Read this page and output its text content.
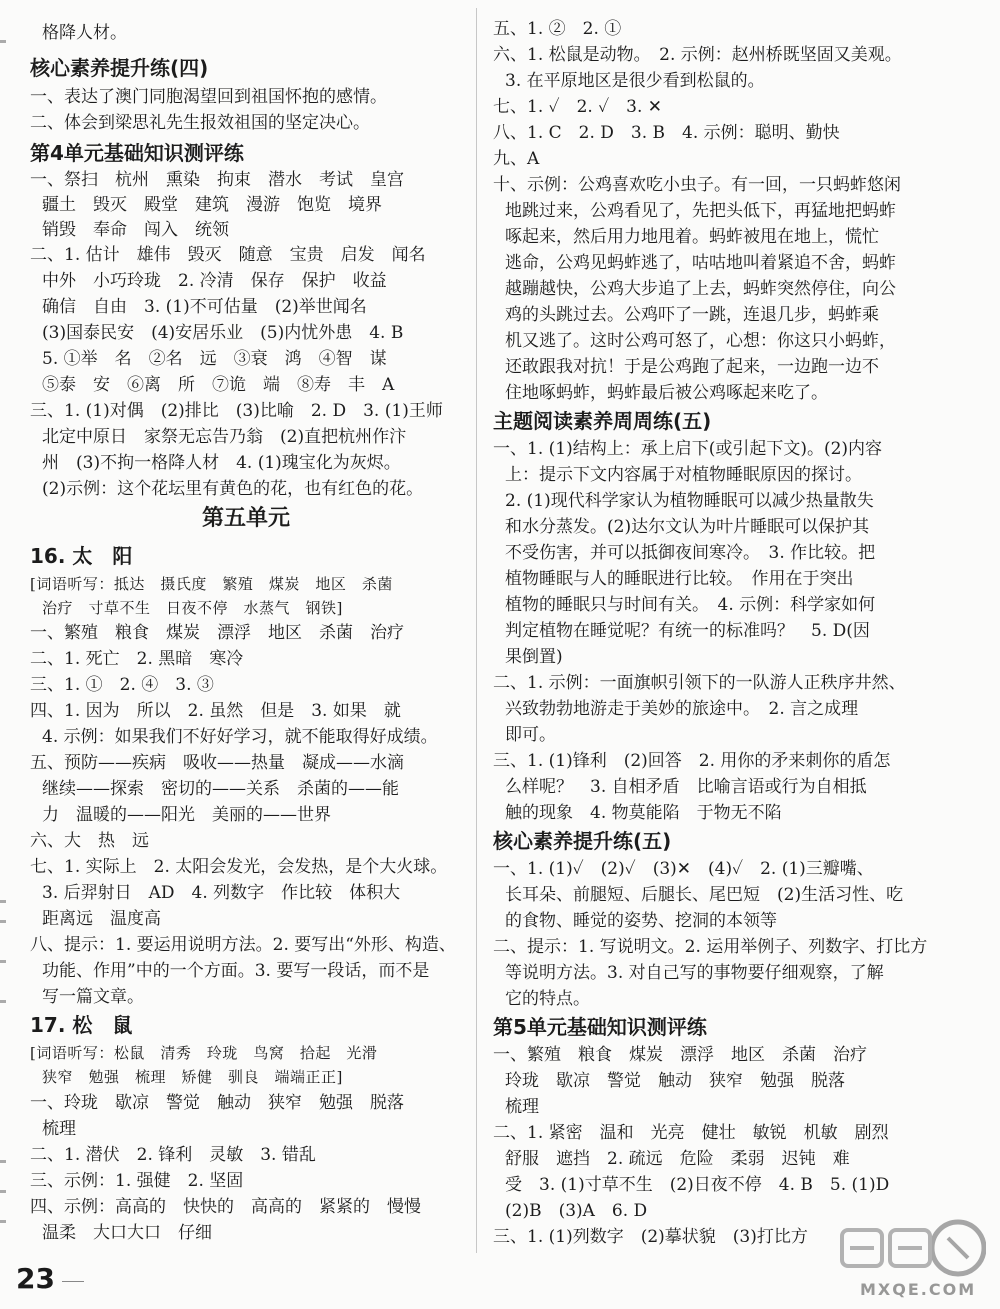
格降人材。
核心素养提升练(四)
一、表达了澳门同胞渴望回到祖国怀抱的感情。
二、体会到梁思礼先生报效祖国的坚定决心。
第4单元基础知识测评练
一、祭扫　杭州　熏染　拘束　潜水　考试　皇宫
疆土　毁灭　殿堂　建筑　漫游　饱览　境界
销毁　奉命　闯入　统领
二、1. 估计　雄伟　毁灭　随意　宝贵　启发　闻名
中外　小巧玲珑　2. 冷清　保存　保护　收益
确信　自由　3. (1)不可估量　(2)举世闻名
(3)国泰民安　(4)安居乐业　(5)内忧外患　4. B
5. ①举　名　②名　远　③衰　鸿　④智　谋
⑤泰　安　⑥离　所　⑦诡　端　⑧寿　丰　A
三、1. (1)对偶　(2)排比　(3)比喻　2. D　3. (1)王师
北定中原日　家祭无忘告乃翁　(2)直把杭州作汴
州　(3)不拘一格降人材　4. (1)瑰宝化为灰烬。
(2)示例：这个花坛里有黄色的花，也有红色的花。
第五单元
16. 太　阳
[词语听写：抵达　摄氏度　繁殖　煤炭　地区　杀菌
治疗　寸草不生　日夜不停　水蒸气　钢铁]
一、繁殖　粮食　煤炭　漂浮　地区　杀菌　治疗
二、1. 死亡　2. 黑暗　寒冷
三、1. ①　2. ④　3. ③
四、1. 因为　所以　2. 虽然　但是　3. 如果　就
4. 示例：如果我们不好好学习，就不能取得好成绩。
五、预防——疾病　吸收——热量　凝成——水滴
继续——探索　密切的——关系　杀菌的——能
力　温暖的——阳光　美丽的——世界
六、大　热　远
七、1. 实际上　2. 太阳会发光，会发热，是个大火球。
3. 后羿射日　AD　4. 列数字　作比较　体积大
距离远　温度高
八、提示：1. 要运用说明方法。2. 要写出“外形、构造、
功能、作用”中的一个方面。3. 要写一段话，而不是
写一篇文章。
17. 松　鼠
[词语听写：松鼠　清秀　玲珑　鸟窝　拾起　光滑
狭窄　勉强　梳理　矫健　驯良　端端正正]
一、玲珑　歇凉　警觉　触动　狭窄　勉强　脱落
梳理
二、1. 潜伏　2. 锋利　灵敏　3. 错乱
三、示例：1. 强健　2. 坚固
四、示例：高高的　快快的　高高的　紧紧的　慢慢
温柔　大口大口　仔细
五、1. ②　2. ①
六、1. 松鼠是动物。　2. 示例：赵州桥既坚固又美观。
3. 在平原地区是很少看到松鼠的。
七、1. ✓　2. ✓　3. ✕
八、1. C　2. D　3. B　4. 示例：聪明、勤快
九、A
十、示例：公鸡喜欢吃小虫子。有一回，一只蚂蚱悠闲
地跳过来，公鸡看见了，先把头低下，再猛地把蚂蚱
啄起来，然后用力地甩着。蚂蚱被甩在地上，慌忙
逃命，公鸡见蚂蚱逃了，咕咕地叫着紧追不舍，蚂蚱
越蹦越快，公鸡大步追了上去，蚂蚱突然停住，向公
鸡的头跳过去。公鸡吓了一跳，连退几步，蚂蚱乘
机又逃了。这时公鸡可怒了，心想：你这只小蚂蚱，
还敢跟我对抗！于是公鸡跑了起来，一边跑一边不
住地啄蚂蚱，蚂蚱最后被公鸡啄起来吃了。
主题阅读素养周周练(五)
一、1. (1)结构上：承上启下(或引起下文)。(2)内容
上：提示下文内容属于对植物睡眠原因的探讨。
2. (1)现代科学家认为植物睡眠可以减少热量散失
和水分蒸发。(2)达尔文认为叶片睡眠可以保护其
不受伤害，并可以抵御夜间寒冷。　3. 作比较。把
植物睡眠与人的睡眠进行比较。　作用在于突出
植物的睡眠只与时间有关。　4. 示例：科学家如何
判定植物在睡觉呢？有统一的标准吗？　5. D(因
果倒置)
二、1. 示例：一面旗帜引领下的一队游人正秩序井然、
兴致勃勃地游走于美妙的旅途中。　2. 言之成理
即可。
三、1. (1)锋利　(2)回答　2. 用你的矛来刺你的盾怎
么样呢？　3. 自相矛盾　比喻言语或行为自相抵
触的现象　4. 物莫能陷　于物无不陷
核心素养提升练(五)
一、1. (1)✓　(2)✓　(3)✕　(4)✓　2. (1)三瓣嘴、
长耳朵、前腿短、后腿长、尾巴短　(2)生活习性、吃
的食物、睡觉的姿势、挖洞的本领等
二、提示：1. 写说明文。2. 运用举例子、列数字、打比方
等说明方法。3. 对自己写的事物要仔细观察，了解
它的特点。
第5单元基础知识测评练
一、繁殖　粮食　煤炭　漂浮　地区　杀菌　治疗
玲珑　歇凉　警觉　触动　狭窄　勉强　脱落
梳理
二、1. 紧密　温和　光亮　健壮　敏锐　机敏　剧烈
舒服　遮挡　2. 疏远　危险　柔弱　迟钝　难
受　3. (1)寸草不生　(2)日夜不停　4. B　5. (1)D
(2)B　(3)A　6. D
三、1. (1)列数字　(2)摹状貌　(3)打比方
23	MXQE.COM
